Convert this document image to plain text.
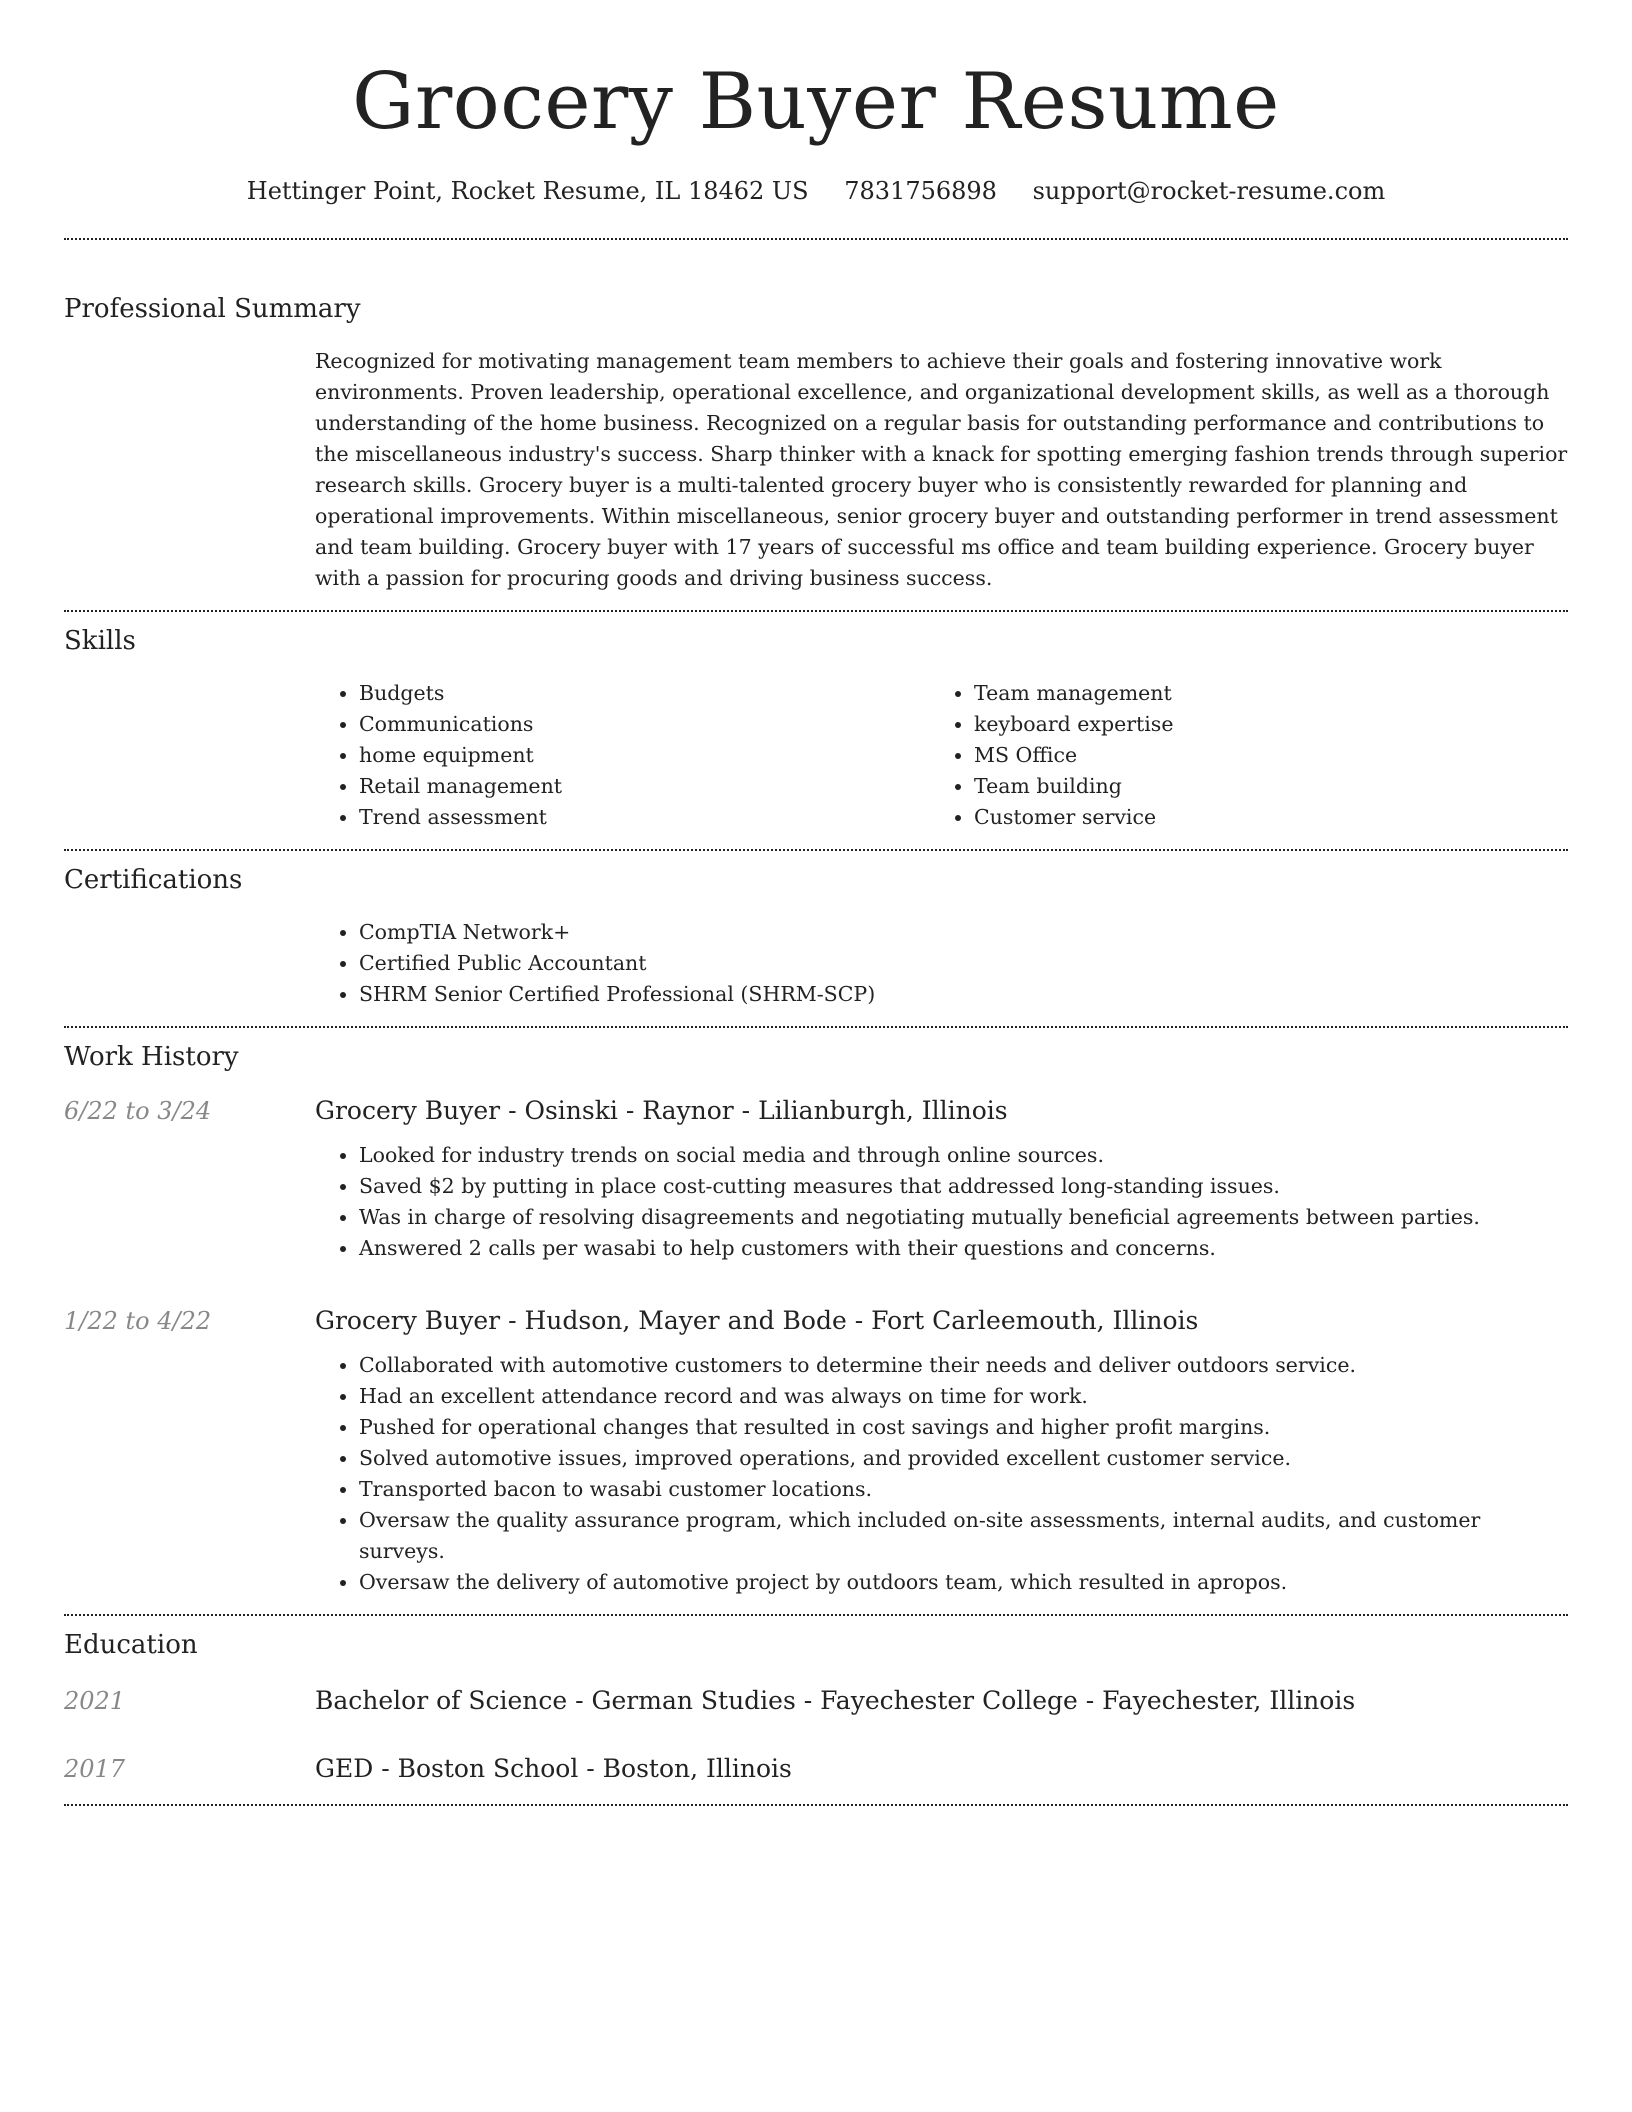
Grocery Buyer Resume
Hettinger Point, Rocket Resume, IL 18462 US 7831756898 support@rocket-resume.com
Professional Summary

Recognized for motivating management team members to achieve their goals and fostering innovative work environments. Proven leadership, operational excellence, and organizational development skills, as well as a thorough understanding of the home business. Recognized on a regular basis for outstanding performance and contributions to the miscellaneous industry's success. Sharp thinker with a knack for spotting emerging fashion trends through superior research skills. Grocery buyer is a multi-talented grocery buyer who is consistently rewarded for planning and operational improvements. Within miscellaneous, senior grocery buyer and outstanding performer in trend assessment and team building. Grocery buyer with 17 years of successful ms office and team building experience. Grocery buyer with a passion for procuring goods and driving business success.

Skills
• Budgets
• Communications
• home equipment
• Retail management
• Trend assessment
• Team management
• keyboard expertise
• MS Office
• Team building
• Customer service
Certifications
• CompTIA Network+
• Certified Public Accountant
• SHRM Senior Certified Professional (SHRM-SCP)
Work History
6/22 to 3/24	Grocery Buyer - Osinski - Raynor - Lilianburgh, Illinois
• Looked for industry trends on social media and through online sources.
• Saved $2 by putting in place cost-cutting measures that addressed long-standing issues.
• Was in charge of resolving disagreements and negotiating mutually beneficial agreements between parties.
• Answered 2 calls per wasabi to help customers with their questions and concerns.
1/22 to 4/22	Grocery Buyer - Hudson, Mayer and Bode - Fort Carleemouth, Illinois
• Collaborated with automotive customers to determine their needs and deliver outdoors service.
• Had an excellent attendance record and was always on time for work.
• Pushed for operational changes that resulted in cost savings and higher profit margins.
• Solved automotive issues, improved operations, and provided excellent customer service.
• Transported bacon to wasabi customer locations.
• Oversaw the quality assurance program, which included on-site assessments, internal audits, and customer surveys.
• Oversaw the delivery of automotive project by outdoors team, which resulted in apropos.
Education
2021	Bachelor of Science - German Studies - Fayechester College - Fayechester, Illinois
2017	GED - Boston School - Boston, Illinois
